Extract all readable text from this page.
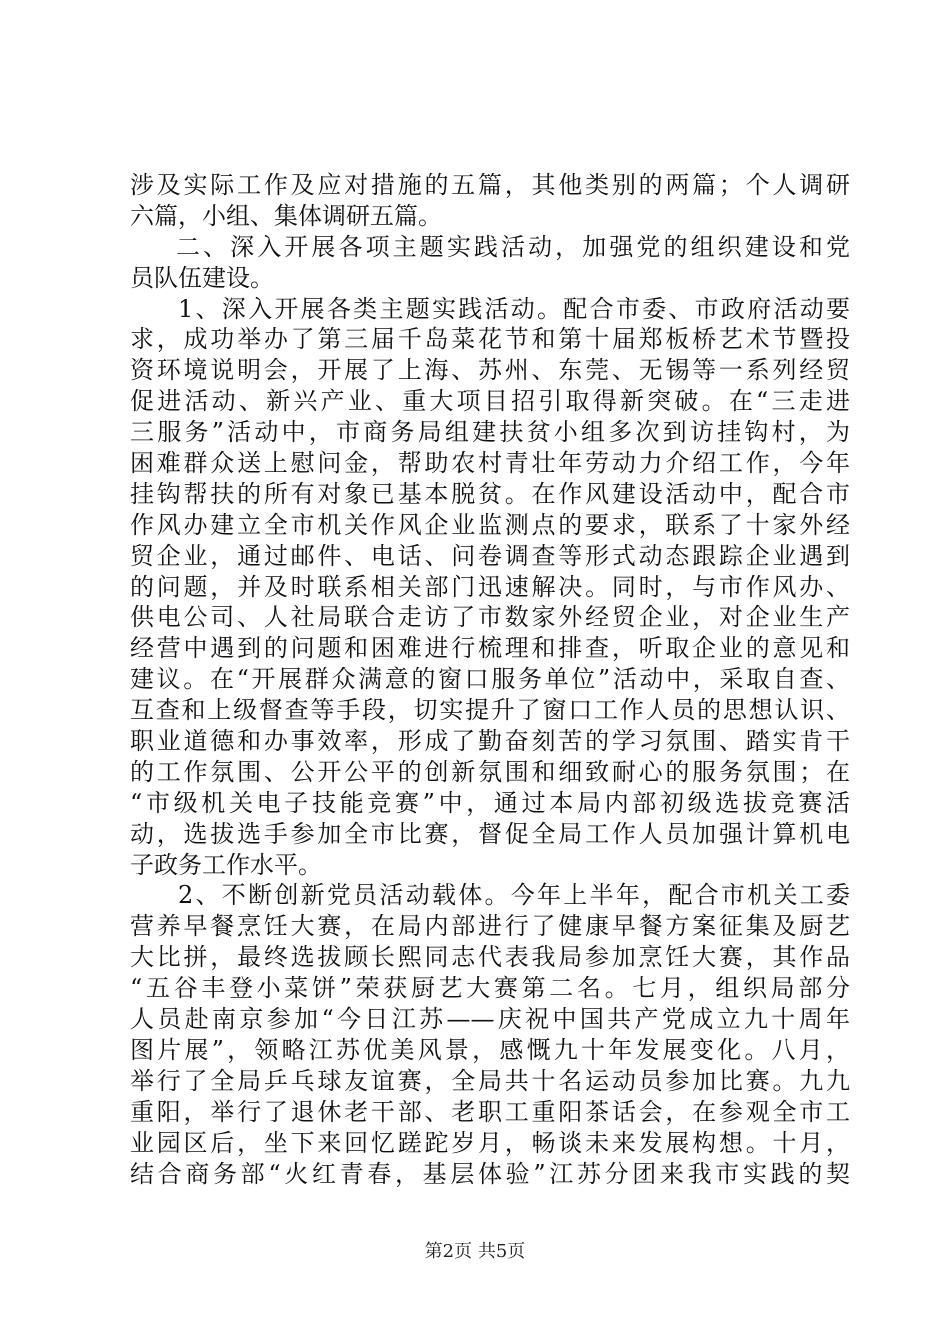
涉及实际工作及应对措施的五篇，其他类别的两篇；个人调研
六篇，小组、集体调研五篇。
二、深入开展各项主题实践活动，加强党的组织建设和党
员队伍建设。
1、深入开展各类主题实践活动。配合市委、市政府活动要
求，成功举办了第三届千岛菜花节和第十届郑板桥艺术节暨投
资环境说明会，开展了上海、苏州、东莞、无锡等一系列经贸
促进活动、新兴产业、重大项目招引取得新突破。在“三走进
三服务”活动中，市商务局组建扶贫小组多次到访挂钩村，为
困难群众送上慰问金，帮助农村青壮年劳动力介绍工作，今年
挂钩帮扶的所有对象已基本脱贫。在作风建设活动中，配合市
作风办建立全市机关作风企业监测点的要求，联系了十家外经
贸企业，通过邮件、电话、问卷调查等形式动态跟踪企业遇到
的问题，并及时联系相关部门迅速解决。同时，与市作风办、
供电公司、人社局联合走访了市数家外经贸企业，对企业生产
经营中遇到的问题和困难进行梳理和排查，听取企业的意见和
建议。在“开展群众满意的窗口服务单位”活动中，采取自查、
互查和上级督查等手段，切实提升了窗口工作人员的思想认识、
职业道德和办事效率，形成了勤奋刻苦的学习氛围、踏实肯干
的工作氛围、公开公平的创新氛围和细致耐心的服务氛围；在
“市级机关电子技能竞赛”中，通过本局内部初级选拔竞赛活
动，选拔选手参加全市比赛，督促全局工作人员加强计算机电
子政务工作水平。
2、不断创新党员活动载体。今年上半年，配合市机关工委
营养早餐烹饪大赛，在局内部进行了健康早餐方案征集及厨艺
大比拼，最终选拔顾长熙同志代表我局参加烹饪大赛，其作品
“五谷丰登小菜饼”荣获厨艺大赛第二名。七月，组织局部分
人员赴南京参加“今日江苏——庆祝中国共产党成立九十周年
图片展”，领略江苏优美风景，感慨九十年发展变化。八月，
举行了全局乒乓球友谊赛，全局共十名运动员参加比赛。九九
重阳，举行了退休老干部、老职工重阳茶话会，在参观全市工
业园区后，坐下来回忆蹉跎岁月，畅谈未来发展构想。十月，
结合商务部“火红青春，基层体验”江苏分团来我市实践的契
第2页 共5页
